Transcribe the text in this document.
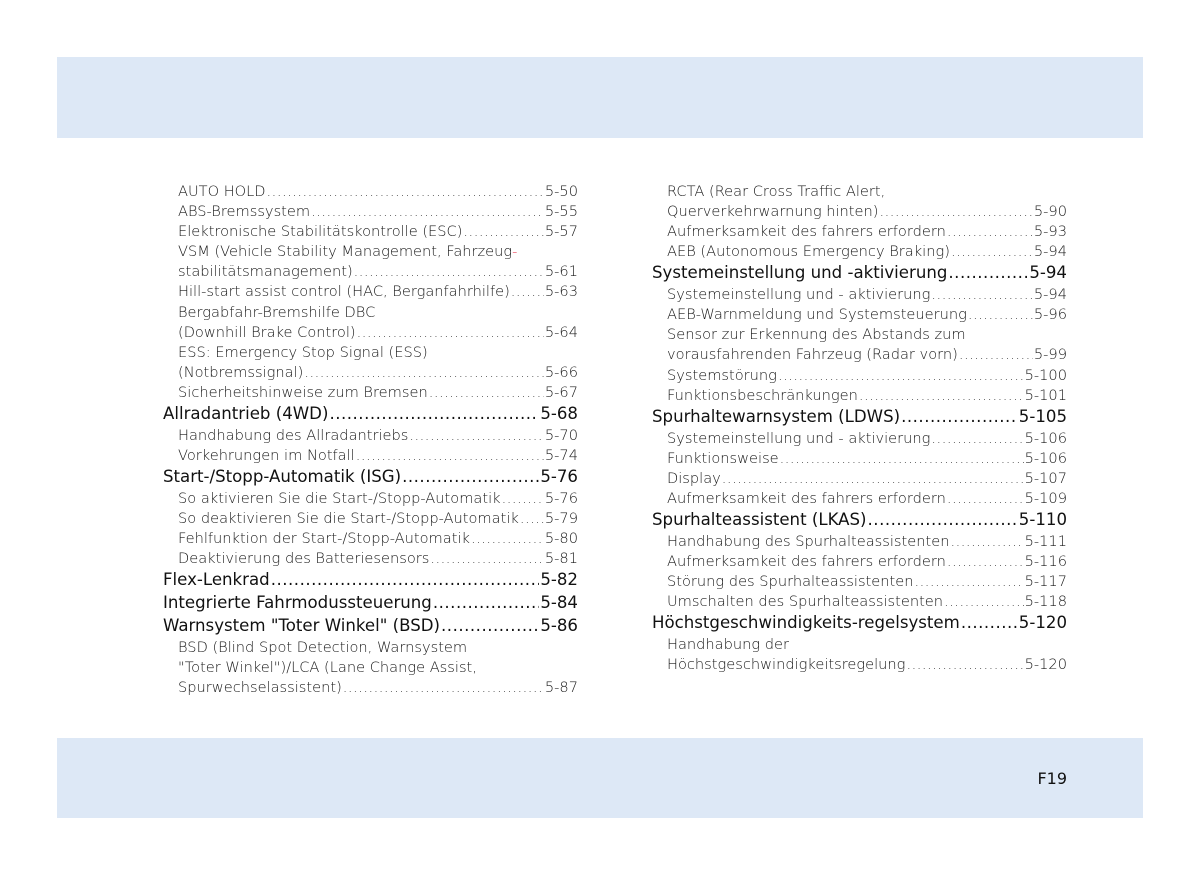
AUTO HOLD .....	5-50
ABS-Bremssystem .....	5-55
Elektronische Stabilitätskontrolle (ESC) .....	5-57
VSM (Vehicle Stability Management, Fahrzeug -
stabilitätsmanagement) .....	5-61
Hill-start assist control (HAC, Berganfahrhilfe) ..... 5-63
Bergabfahr-Bremshilfe DBC
(Downhill Brake Control) .....	5-64
ESS: Emergency Stop Signal (ESS)
(Notbremssignal) .....	5-66
Sicherheitshinweise zum Bremsen .....	5-67
Allradantrieb (4WD) .....	5-68
Handhabung des Allradantriebs .....	5-70
Vorkehrungen im Notfall .....	5-74
Start-/Stopp-Automatik (ISG) .....	5-76
So aktivieren Sie die Start-/Stopp-Automatik .....	5-76
So deaktivieren Sie die Start-/Stopp-Automatik ..... 5-79
Fehlfunktion der Start-/Stopp-Automatik .....	5-80
Deaktivierung des Batteriesensors .....	5-81
Flex-Lenkrad .....	5-82
Integrierte Fahrmodussteuerung .....	5-84
Warnsystem "Toter Winkel" (BSD) .....	5-86
BSD (Blind Spot Detection, Warnsystem
"Toter Winkel")/LCA (Lane Change Assist,
Spurwechselassistent) .....	5-87
RCTA (Rear Cross Traffic Alert,
Querverkehrwarnung hinten) .....	5-90
Aufmerksamkeit des fahrers erfordern .....	5-93
AEB (Autonomous Emergency Braking) .....	5-94
Systemeinstellung und -aktivierung .....	5-94
Systemeinstellung und - aktivierung .....	5-94
AEB-Warnmeldung und Systemsteuerung .....	5-96
Sensor zur Erkennung des Abstands zum
vorausfahrenden Fahrzeug (Radar vorn) .....	5-99
Systemstörung .....	5-100
Funktionsbeschränkungen .....	5-101
Spurhaltewarnsystem (LDWS) .....	5-105
Systemeinstellung und - aktivierung .....	5-106
Funktionsweise .....	5-106
Display .....	5-107
Aufmerksamkeit des fahrers erfordern .....	5-109
Spurhalteassistent (LKAS) .....	5-110
Handhabung des Spurhalteassistenten .....	5-111
Aufmerksamkeit des fahrers erfordern .....	5-116
Störung des Spurhalteassistenten .....	5-117
Umschalten des Spurhalteassistenten .....	5-118
Höchstgeschwindigkeits-regelsystem .....	5-120
Handhabung der
Höchstgeschwindigkeitsregelung .....	5-120
F19
